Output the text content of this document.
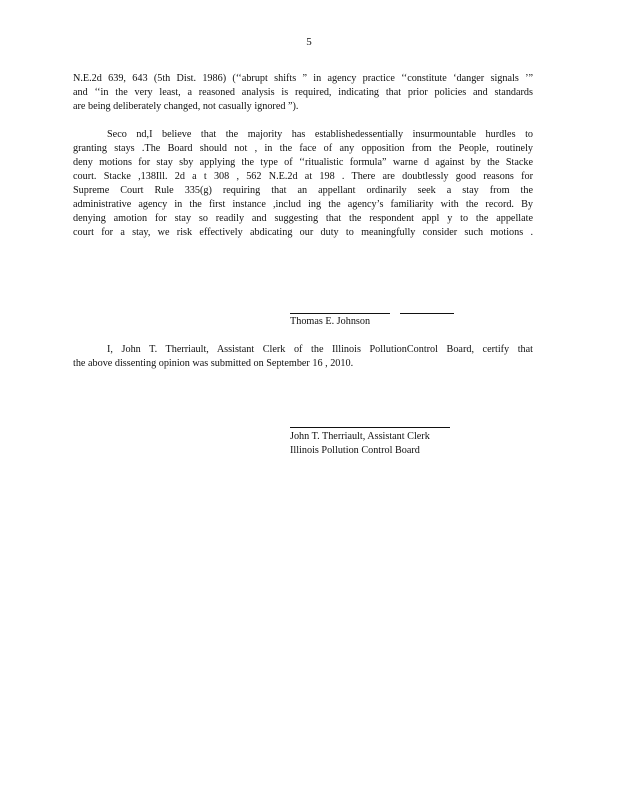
5
N.E.2d 639, 643 (5th Dist. 1986) (‘‘abrupt shifts ” in agency practice ‘‘constitute ‘danger signals ’”
and ‘‘in the very least, a reasoned analysis is required, indicating that prior policies and standards
are being deliberately changed, not casually ignored ”).
Seco nd,I believe that the majority has establishedessentially insurmountable hurdles to
granting stays .The Board should not , in the face of any opposition from the People, routinely
deny motions for stay sby applying the type of ‘‘ritualistic formula” warne d against by the Stacke
court. Stacke ,138Ill. 2d a t 308 , 562 N.E.2d at 198 . There are doubtlessly good reasons for
Supreme Court Rule 335(g) requiring that an appellant ordinarily seek a stay from the
administrative agency in the first instance ,includ ing the agency’s familiarity with the record. By
denying amotion for stay so readily and suggesting that the respondent appl y to the appellate
court for a stay, we risk effectively abdicating our duty to meaningfully consider such motions .
Thomas E. Johnson
I, John T. Therriault, Assistant Clerk of the Illinois PollutionControl Board, certify that
the above dissenting opinion was submitted on September 16 , 2010.
John T. Therriault, Assistant Clerk
Illinois Pollution Control Board
